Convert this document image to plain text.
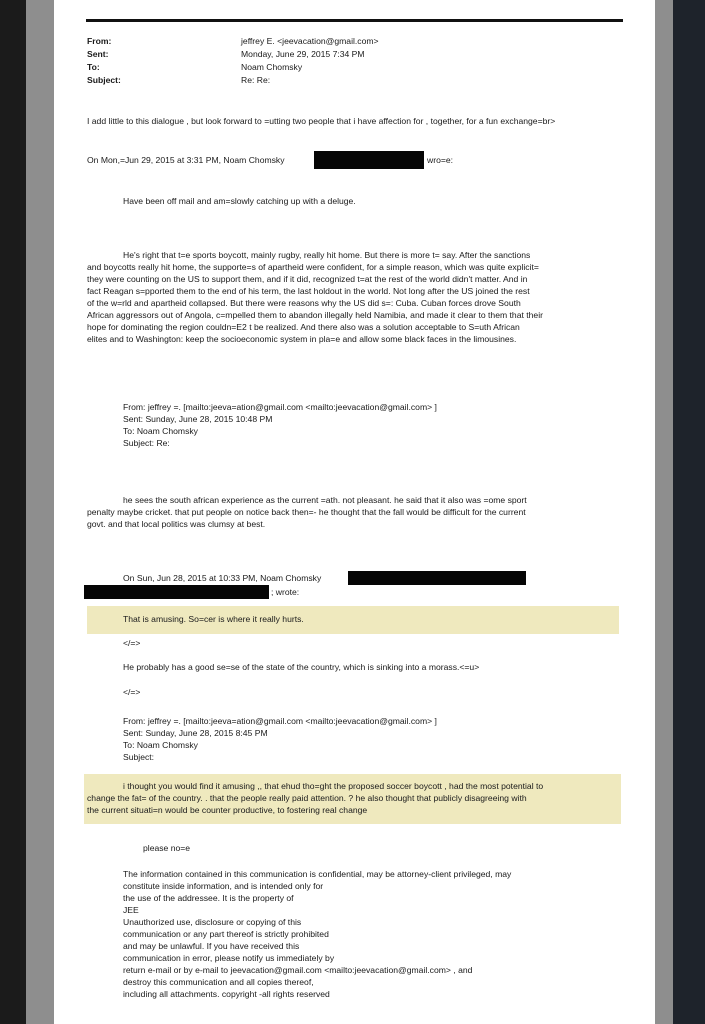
From:
Sent:
To:
Subject:
jeffrey E. <jeevacation@gmail.com>
Monday, June 29, 2015 7:34 PM
Noam Chomsky
Re: Re:
I add little to this dialogue , but look forward to =utting two people that i have affection for , together, for a fun exchange=br>
On Mon,=Jun 29, 2015 at 3:31 PM, Noam Chomsky	wro=e:
Have been off mail and am=slowly catching up with a deluge.
He's right that t=e sports boycott, mainly rugby, really hit home. But there is more t= say. After the sanctions
and boycotts really hit home, the supporte=s of apartheid were confident, for a simple reason, which was quite explicit=
they were counting on the US to support them, and if it did, recognized t=at the rest of the world didn't matter. And in
fact Reagan s=pported them to the end of his term, the last holdout in the world. Not long after the US joined the rest
of the w=rld and apartheid collapsed. But there were reasons why the US did s=: Cuba. Cuban forces drove South
African aggressors out of Angola, c=mpelled them to abandon illegally held Namibia, and made it clear to them that their
hope for dominating the region couldn=E2 t be realized. And there also was a solution acceptable to S=uth African
elites and to Washington: keep the socioeconomic system in pla=e and allow some black faces in the limousines.
From: jeffrey =. [mailto:jeeva=ation@gmail.com <mailto:jeevacation@gmail.com> ]
Sent: Sunday, June 28, 2015 10:48 PM
To: Noam Chomsky
Subject: Re:
he sees the south african experience as the current =ath. not pleasant. he said that it also was =ome sport
penalty maybe cricket. that put people on notice back then=- he thought that the fall would be difficult for the current
govt. and that local politics was clumsy at best.
On Sun, Jun 28, 2015 at 10:33 PM, Noam Chomsky
; wrote:
That is amusing. So=cer is where it really hurts.
</=>
He probably has a good se=se of the state of the country, which is sinking into a morass.<=u>
</=>
From: jeffrey =. [mailto:jeeva=ation@gmail.com <mailto:jeevacation@gmail.com> ]
Sent: Sunday, June 28, 2015 8:45 PM
To: Noam Chomsky
Subject:
i thought you would find it amusing ,, that ehud tho=ght the proposed soccer boycott , had the most potential to
change the fat= of the country. . that the people really paid attention. ? he also thought that publicly disagreeing with
the current situati=n would be counter productive, to fostering real change
please no=e
The information contained in this communication is confidential, may be attorney-client privileged, may
constitute inside information, and is intended only for
the use of the addressee. It is the property of
JEE
Unauthorized use, disclosure or copying of this
communication or any part thereof is strictly prohibited
and may be unlawful. If you have received this
communication in error, please notify us immediately by
return e-mail or by e-mail to jeevacation@gmail.com <mailto:jeevacation@gmail.com> , and
destroy this communication and all copies thereof,
including all attachments. copyright -all rights reserved
